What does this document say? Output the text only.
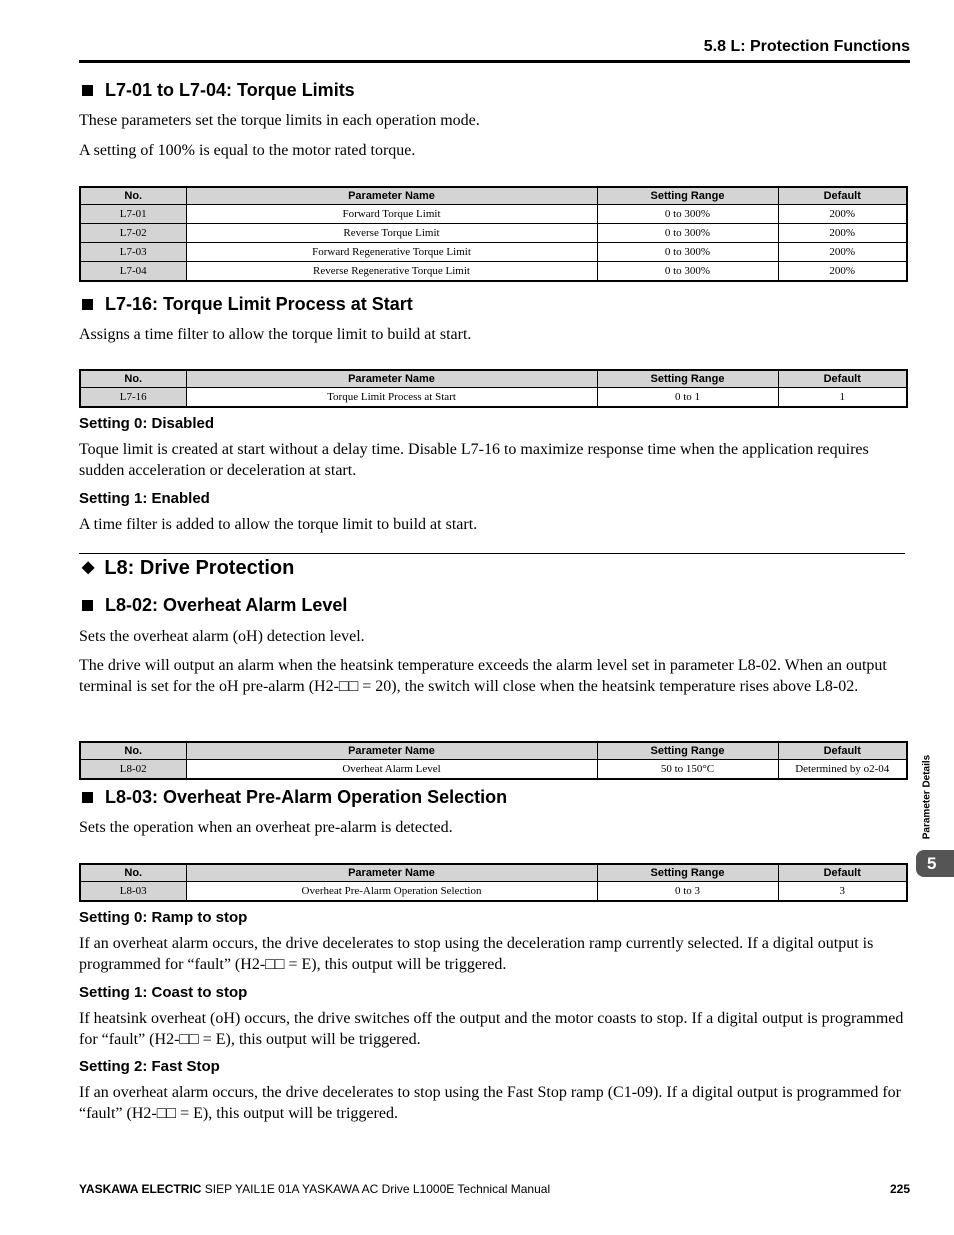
5.8 L: Protection Functions
L7-01 to L7-04: Torque Limits
These parameters set the torque limits in each operation mode.
A setting of 100% is equal to the motor rated torque.
No.	Parameter Name	Setting Range	Default
L7-01	Forward Torque Limit	0 to 300%	200%
L7-02	Reverse Torque Limit	0 to 300%	200%
L7-03	Forward Regenerative Torque Limit	0 to 300%	200%
L7-04	Reverse Regenerative Torque Limit	0 to 300%	200%
L7-16: Torque Limit Process at Start
Assigns a time filter to allow the torque limit to build at start.
No.	Parameter Name	Setting Range	Default
L7-16	Torque Limit Process at Start	0 to 1	1
Setting 0: Disabled
Toque limit is created at start without a delay time. Disable L7-16 to maximize response time when the application requires sudden acceleration or deceleration at start.
Setting 1: Enabled
A time filter is added to allow the torque limit to build at start.
◆ L8: Drive Protection
L8-02: Overheat Alarm Level
Sets the overheat alarm (oH) detection level.
The drive will output an alarm when the heatsink temperature exceeds the alarm level set in parameter L8-02. When an output terminal is set for the oH pre-alarm (H2-□□ = 20), the switch will close when the heatsink temperature rises above L8-02.
No.	Parameter Name	Setting Range	Default
L8-02	Overheat Alarm Level	50 to 150°C	Determined by o2-04
L8-03: Overheat Pre-Alarm Operation Selection
Sets the operation when an overheat pre-alarm is detected.
No.	Parameter Name	Setting Range	Default
L8-03	Overheat Pre-Alarm Operation Selection	0 to 3	3
Setting 0: Ramp to stop
If an overheat alarm occurs, the drive decelerates to stop using the deceleration ramp currently selected. If a digital output is programmed for “fault” (H2-□□ = E), this output will be triggered.
Setting 1: Coast to stop
If heatsink overheat (oH) occurs, the drive switches off the output and the motor coasts to stop. If a digital output is programmed for “fault” (H2-□□ = E), this output will be triggered.
Setting 2: Fast Stop
If an overheat alarm occurs, the drive decelerates to stop using the Fast Stop ramp (C1-09). If a digital output is programmed for “fault” (H2-□□ = E), this output will be triggered.
Parameter Details
5
YASKAWA ELECTRIC SIEP YAIL1E 01A YASKAWA AC Drive L1000E Technical Manual	225
